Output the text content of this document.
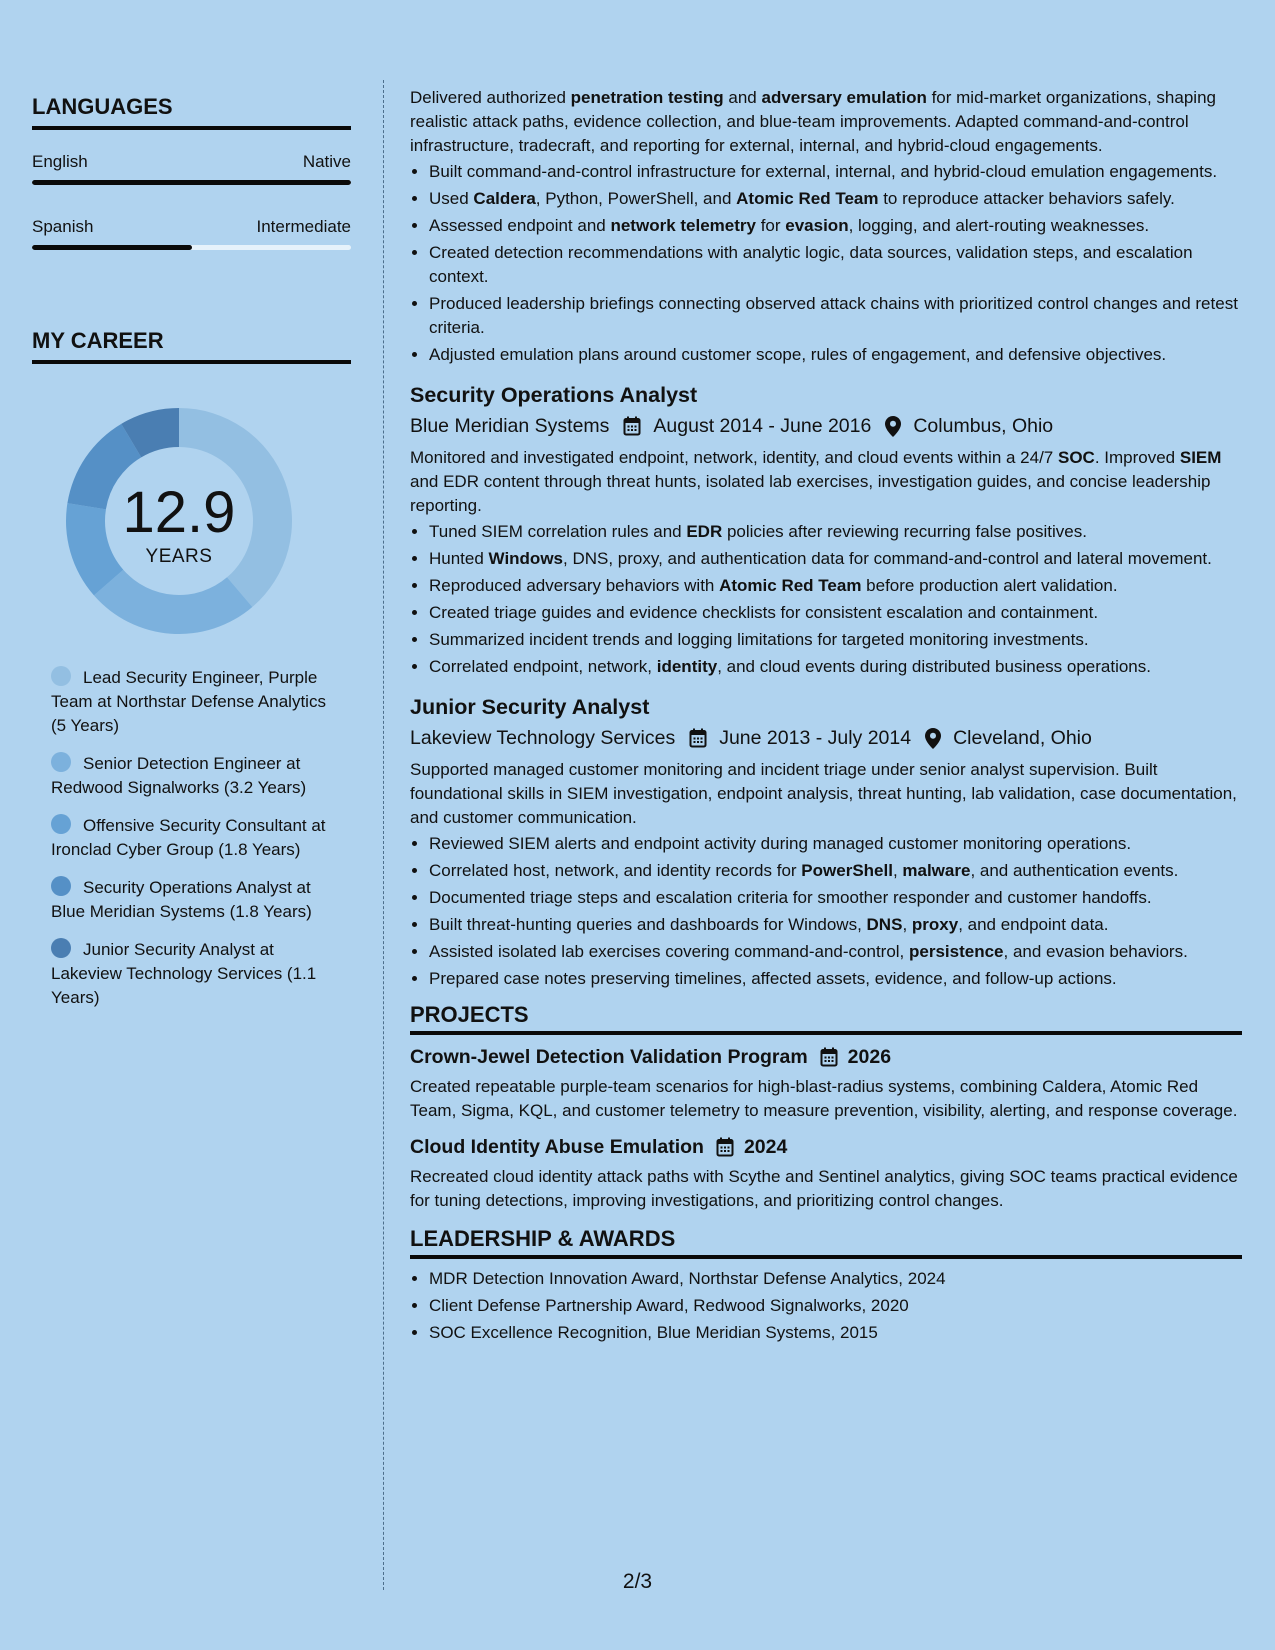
LANGUAGES
English	Native
Spanish	Intermediate
MY CAREER
12.9
YEARS
Lead Security Engineer, Purple Team at Northstar Defense Analytics (5 Years)
Senior Detection Engineer at Redwood Signalworks (3.2 Years)
Offensive Security Consultant at Ironclad Cyber Group (1.8 Years)
Security Operations Analyst at Blue Meridian Systems (1.8 Years)
Junior Security Analyst at Lakeview Technology Services (1.1 Years)

Delivered authorized penetration testing and adversary emulation for mid-market organizations, shaping realistic attack paths, evidence collection, and blue-team improvements. Adapted command-and-control infrastructure, tradecraft, and reporting for external, internal, and hybrid-cloud engagements.

• Built command-and-control infrastructure for external, internal, and hybrid-cloud emulation engagements.
• Used Caldera, Python, PowerShell, and Atomic Red Team to reproduce attacker behaviors safely.
• Assessed endpoint and network telemetry for evasion, logging, and alert-routing weaknesses.
• Created detection recommendations with analytic logic, data sources, validation steps, and escalation context.
• Produced leadership briefings connecting observed attack chains with prioritized control changes and retest criteria.
• Adjusted emulation plans around customer scope, rules of engagement, and defensive objectives.
Security Operations Analyst
Blue Meridian Systems August 2014 - June 2016 Columbus, Ohio

Monitored and investigated endpoint, network, identity, and cloud events within a 24/7 SOC. Improved SIEM and EDR content through threat hunts, isolated lab exercises, investigation guides, and concise leadership reporting.

• Tuned SIEM correlation rules and EDR policies after reviewing recurring false positives.
• Hunted Windows, DNS, proxy, and authentication data for command-and-control and lateral movement.
• Reproduced adversary behaviors with Atomic Red Team before production alert validation.
• Created triage guides and evidence checklists for consistent escalation and containment.
• Summarized incident trends and logging limitations for targeted monitoring investments.
• Correlated endpoint, network, identity, and cloud events during distributed business operations.
Junior Security Analyst
Lakeview Technology Services June 2013 - July 2014 Cleveland, Ohio

Supported managed customer monitoring and incident triage under senior analyst supervision. Built foundational skills in SIEM investigation, endpoint analysis, threat hunting, lab validation, case documentation, and customer communication.

• Reviewed SIEM alerts and endpoint activity during managed customer monitoring operations.
• Correlated host, network, and identity records for PowerShell, malware, and authentication events.
• Documented triage steps and escalation criteria for smoother responder and customer handoffs.
• Built threat-hunting queries and dashboards for Windows, DNS, proxy, and endpoint data.
• Assisted isolated lab exercises covering command-and-control, persistence, and evasion behaviors.
• Prepared case notes preserving timelines, affected assets, evidence, and follow-up actions.
PROJECTS
Crown-Jewel Detection Validation Program 2026

Created repeatable purple-team scenarios for high-blast-radius systems, combining Caldera, Atomic Red Team, Sigma, KQL, and customer telemetry to measure prevention, visibility, alerting, and response coverage.

Cloud Identity Abuse Emulation 2024

Recreated cloud identity attack paths with Scythe and Sentinel analytics, giving SOC teams practical evidence for tuning detections, improving investigations, and prioritizing control changes.

LEADERSHIP & AWARDS
• MDR Detection Innovation Award, Northstar Defense Analytics, 2024
• Client Defense Partnership Award, Redwood Signalworks, 2020
• SOC Excellence Recognition, Blue Meridian Systems, 2015
2/3
